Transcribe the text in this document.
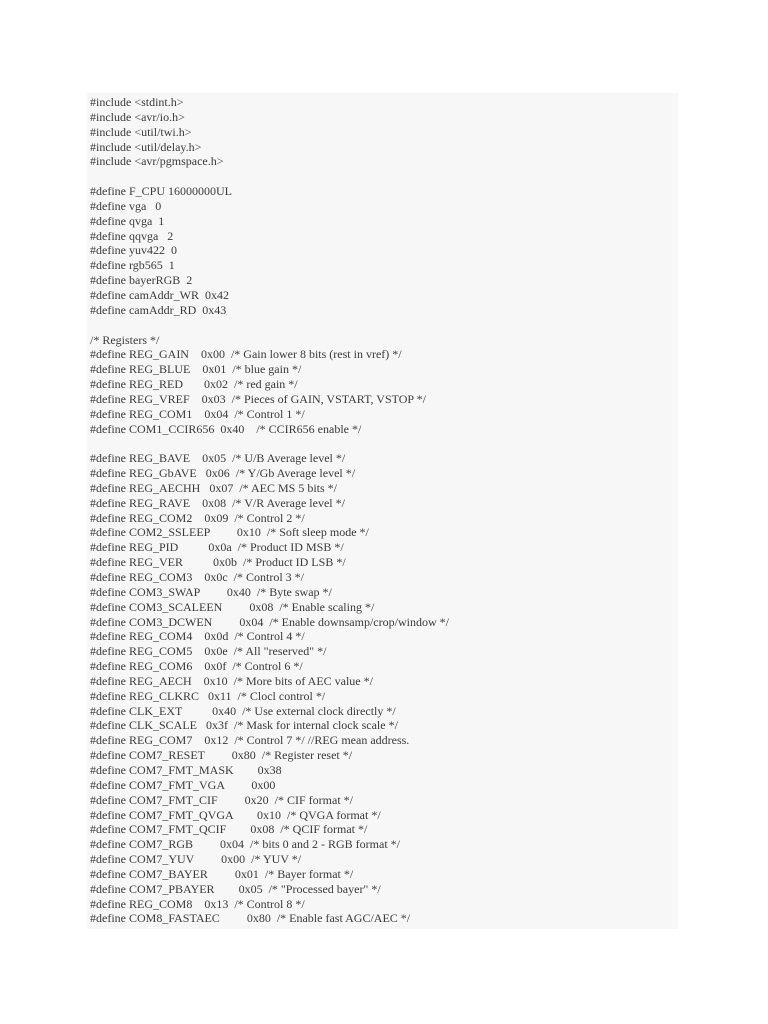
#include <stdint.h>
#include <avr/io.h>
#include <util/twi.h>
#include <util/delay.h>
#include <avr/pgmspace.h>
#define F_CPU 16000000UL
#define vga   0
#define qvga  1
#define qqvga   2
#define yuv422  0
#define rgb565  1
#define bayerRGB  2
#define camAddr_WR  0x42
#define camAddr_RD  0x43
/* Registers */
#define REG_GAIN    0x00  /* Gain lower 8 bits (rest in vref) */
#define REG_BLUE    0x01  /* blue gain */
#define REG_RED       0x02  /* red gain */
#define REG_VREF    0x03  /* Pieces of GAIN, VSTART, VSTOP */
#define REG_COM1    0x04  /* Control 1 */
#define COM1_CCIR656  0x40    /* CCIR656 enable */
#define REG_BAVE    0x05  /* U/B Average level */
#define REG_GbAVE   0x06  /* Y/Gb Average level */
#define REG_AECHH   0x07  /* AEC MS 5 bits */
#define REG_RAVE    0x08  /* V/R Average level */
#define REG_COM2    0x09  /* Control 2 */
#define COM2_SSLEEP         0x10  /* Soft sleep mode */
#define REG_PID          0x0a  /* Product ID MSB */
#define REG_VER          0x0b  /* Product ID LSB */
#define REG_COM3    0x0c  /* Control 3 */
#define COM3_SWAP         0x40  /* Byte swap */
#define COM3_SCALEEN         0x08  /* Enable scaling */
#define COM3_DCWEN         0x04  /* Enable downsamp/crop/window */
#define REG_COM4    0x0d  /* Control 4 */
#define REG_COM5    0x0e  /* All "reserved" */
#define REG_COM6    0x0f  /* Control 6 */
#define REG_AECH    0x10  /* More bits of AEC value */
#define REG_CLKRC   0x11  /* Clocl control */
#define CLK_EXT          0x40  /* Use external clock directly */
#define CLK_SCALE   0x3f  /* Mask for internal clock scale */
#define REG_COM7    0x12  /* Control 7 */ //REG mean address.
#define COM7_RESET         0x80  /* Register reset */
#define COM7_FMT_MASK        0x38
#define COM7_FMT_VGA         0x00
#define COM7_FMT_CIF         0x20  /* CIF format */
#define COM7_FMT_QVGA        0x10  /* QVGA format */
#define COM7_FMT_QCIF        0x08  /* QCIF format */
#define COM7_RGB         0x04  /* bits 0 and 2 - RGB format */
#define COM7_YUV         0x00  /* YUV */
#define COM7_BAYER         0x01  /* Bayer format */
#define COM7_PBAYER        0x05  /* "Processed bayer" */
#define REG_COM8    0x13  /* Control 8 */
#define COM8_FASTAEC         0x80  /* Enable fast AGC/AEC */
